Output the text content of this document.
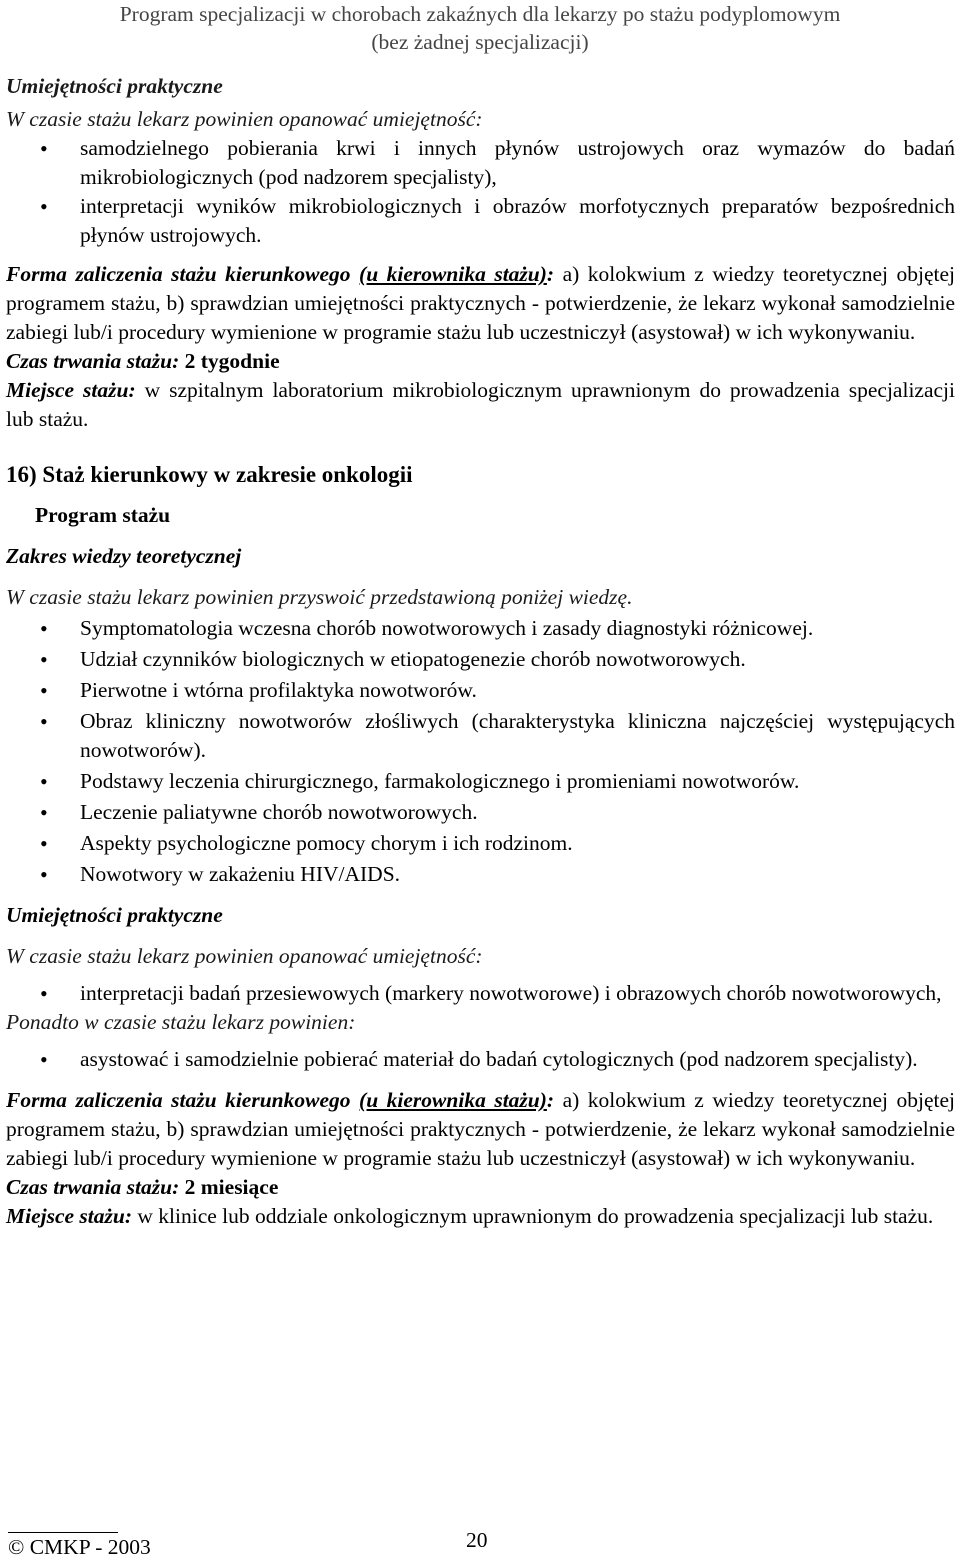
Program specjalizacji w chorobach zakaźnych dla lekarzy po stażu podyplomowym
(bez żadnej specjalizacji)
Umiejętności praktyczne
W czasie stażu lekarz powinien opanować umiejętność:
• samodzielnego pobierania krwi i innych płynów ustrojowych oraz wymazów do badań mikrobiologicznych (pod nadzorem specjalisty),
• interpretacji wyników mikrobiologicznych i obrazów morfotycznych preparatów bezpośrednich płynów ustrojowych.

Forma zaliczenia stażu kierunkowego (u kierownika stażu): a) kolokwium z wiedzy teoretycznej objętej programem stażu, b) sprawdzian umiejętności praktycznych - potwierdzenie, że lekarz wykonał samodzielnie zabiegi lub/i procedury wymienione w programie stażu lub uczestniczył (asystował) w ich wykonywaniu.

Czas trwania stażu: 2 tygodnie

Miejsce stażu: w szpitalnym laboratorium mikrobiologicznym uprawnionym do prowadzenia specjalizacji lub stażu.

16) Staż kierunkowy w zakresie onkologii
Program stażu
Zakres wiedzy teoretycznej
W czasie stażu lekarz powinien przyswoić przedstawioną poniżej wiedzę.
• Symptomatologia wczesna chorób nowotworowych i zasady diagnostyki różnicowej.
• Udział czynników biologicznych w etiopatogenezie chorób nowotworowych.
• Pierwotne i wtórna profilaktyka nowotworów.
• Obraz kliniczny nowotworów złośliwych (charakterystyka kliniczna najczęściej występujących nowotworów).
• Podstawy leczenia chirurgicznego, farmakologicznego i promieniami nowotworów.
• Leczenie paliatywne chorób nowotworowych.
• Aspekty psychologiczne pomocy chorym i ich rodzinom.
• Nowotwory w zakażeniu HIV/AIDS.
Umiejętności praktyczne
W czasie stażu lekarz powinien opanować umiejętność:
• interpretacji badań przesiewowych (markery nowotworowe) i obrazowych chorób nowotworowych,
Ponadto w czasie stażu lekarz powinien:
• asystować i samodzielnie pobierać materiał do badań cytologicznych (pod nadzorem specjalisty).

Forma zaliczenia stażu kierunkowego (u kierownika stażu): a) kolokwium z wiedzy teoretycznej objętej programem stażu, b) sprawdzian umiejętności praktycznych - potwierdzenie, że lekarz wykonał samodzielnie zabiegi lub/i procedury wymienione w programie stażu lub uczestniczył (asystował) w ich wykonywaniu.

Czas trwania stażu: 2 miesiące

Miejsce stażu: w klinice lub oddziale onkologicznym uprawnionym do prowadzenia specjalizacji lub stażu.

© CMKP - 2003	20
